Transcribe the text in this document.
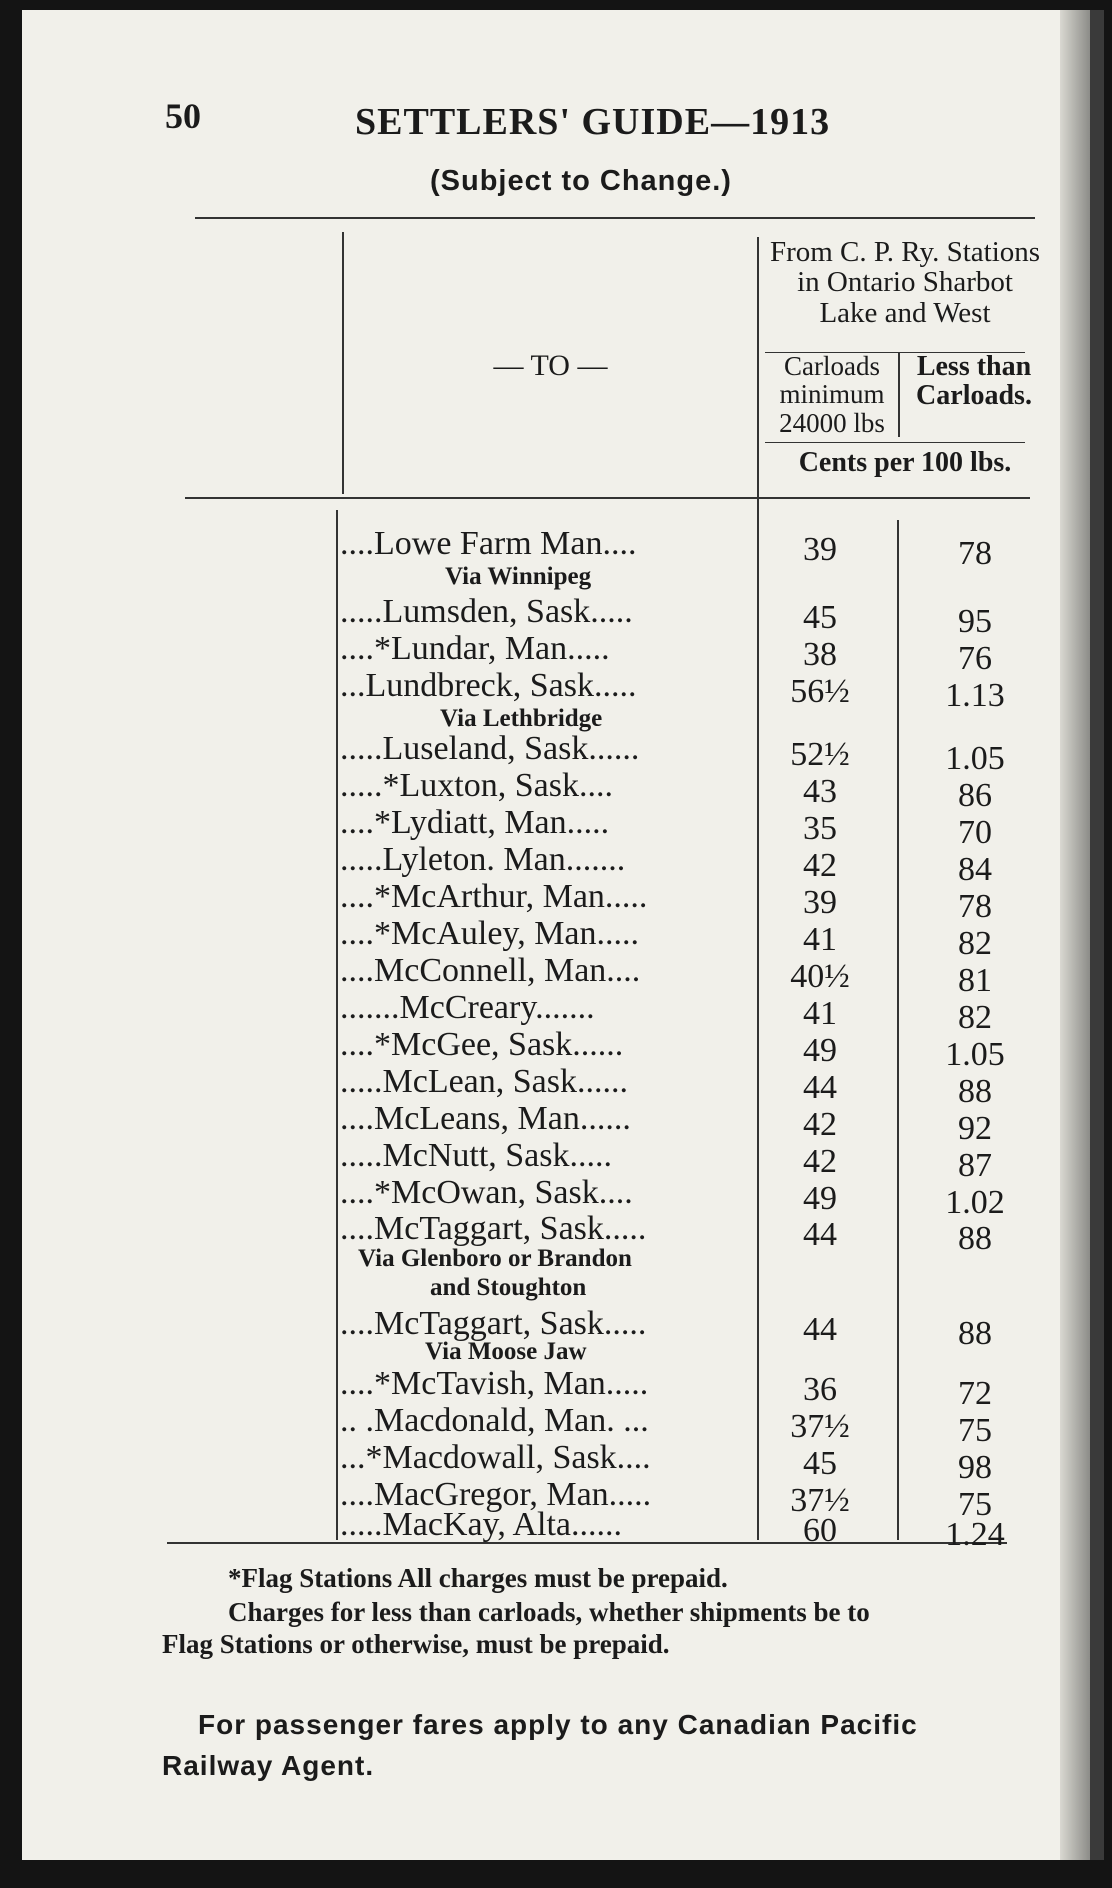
50	SETTLERS' GUIDE—1913
(Subject to Change.)
— TO —
From C. P. Ry. Stations in Ontario Sharbot Lake and West
Carloads minimum 24000 lbs
Less than Carloads.
Cents per 100 lbs.
....Lowe Farm Man....	39	78
Via Winnipeg
.....Lumsden, Sask.....	45	95
....*Lundar, Man.....	38	76
...Lundbreck, Sask.....	56½	1.13
Via Lethbridge
.....Luseland, Sask......	52½	1.05
.....*Luxton, Sask....	43	86
....*Lydiatt, Man.....	35	70
.....Lyleton. Man.......	42	84
....*McArthur, Man.....	39	78
....*McAuley, Man.....	41	82
....McConnell, Man....	40½	81
.......McCreary.......	41	82
....*McGee, Sask......	49	1.05
.....McLean, Sask......	44	88
....McLeans, Man......	42	92
.....McNutt, Sask.....	42	87
....*McOwan, Sask....	49	1.02
....McTaggart, Sask.....	44	88
Via Glenboro or Brandon
and Stoughton
....McTaggart, Sask.....	44	88
Via Moose Jaw
....*McTavish, Man.....	36	72
.. .Macdonald, Man. ...	37½	75
...*Macdowall, Sask....	45	98
....MacGregor, Man.....	37½	75
.....MacKay, Alta......	60	1.24
*Flag Stations All charges must be prepaid.
Charges for less than carloads, whether shipments be to
Flag Stations or otherwise, must be prepaid.
For passenger fares apply to any Canadian Pacific
Railway Agent.
